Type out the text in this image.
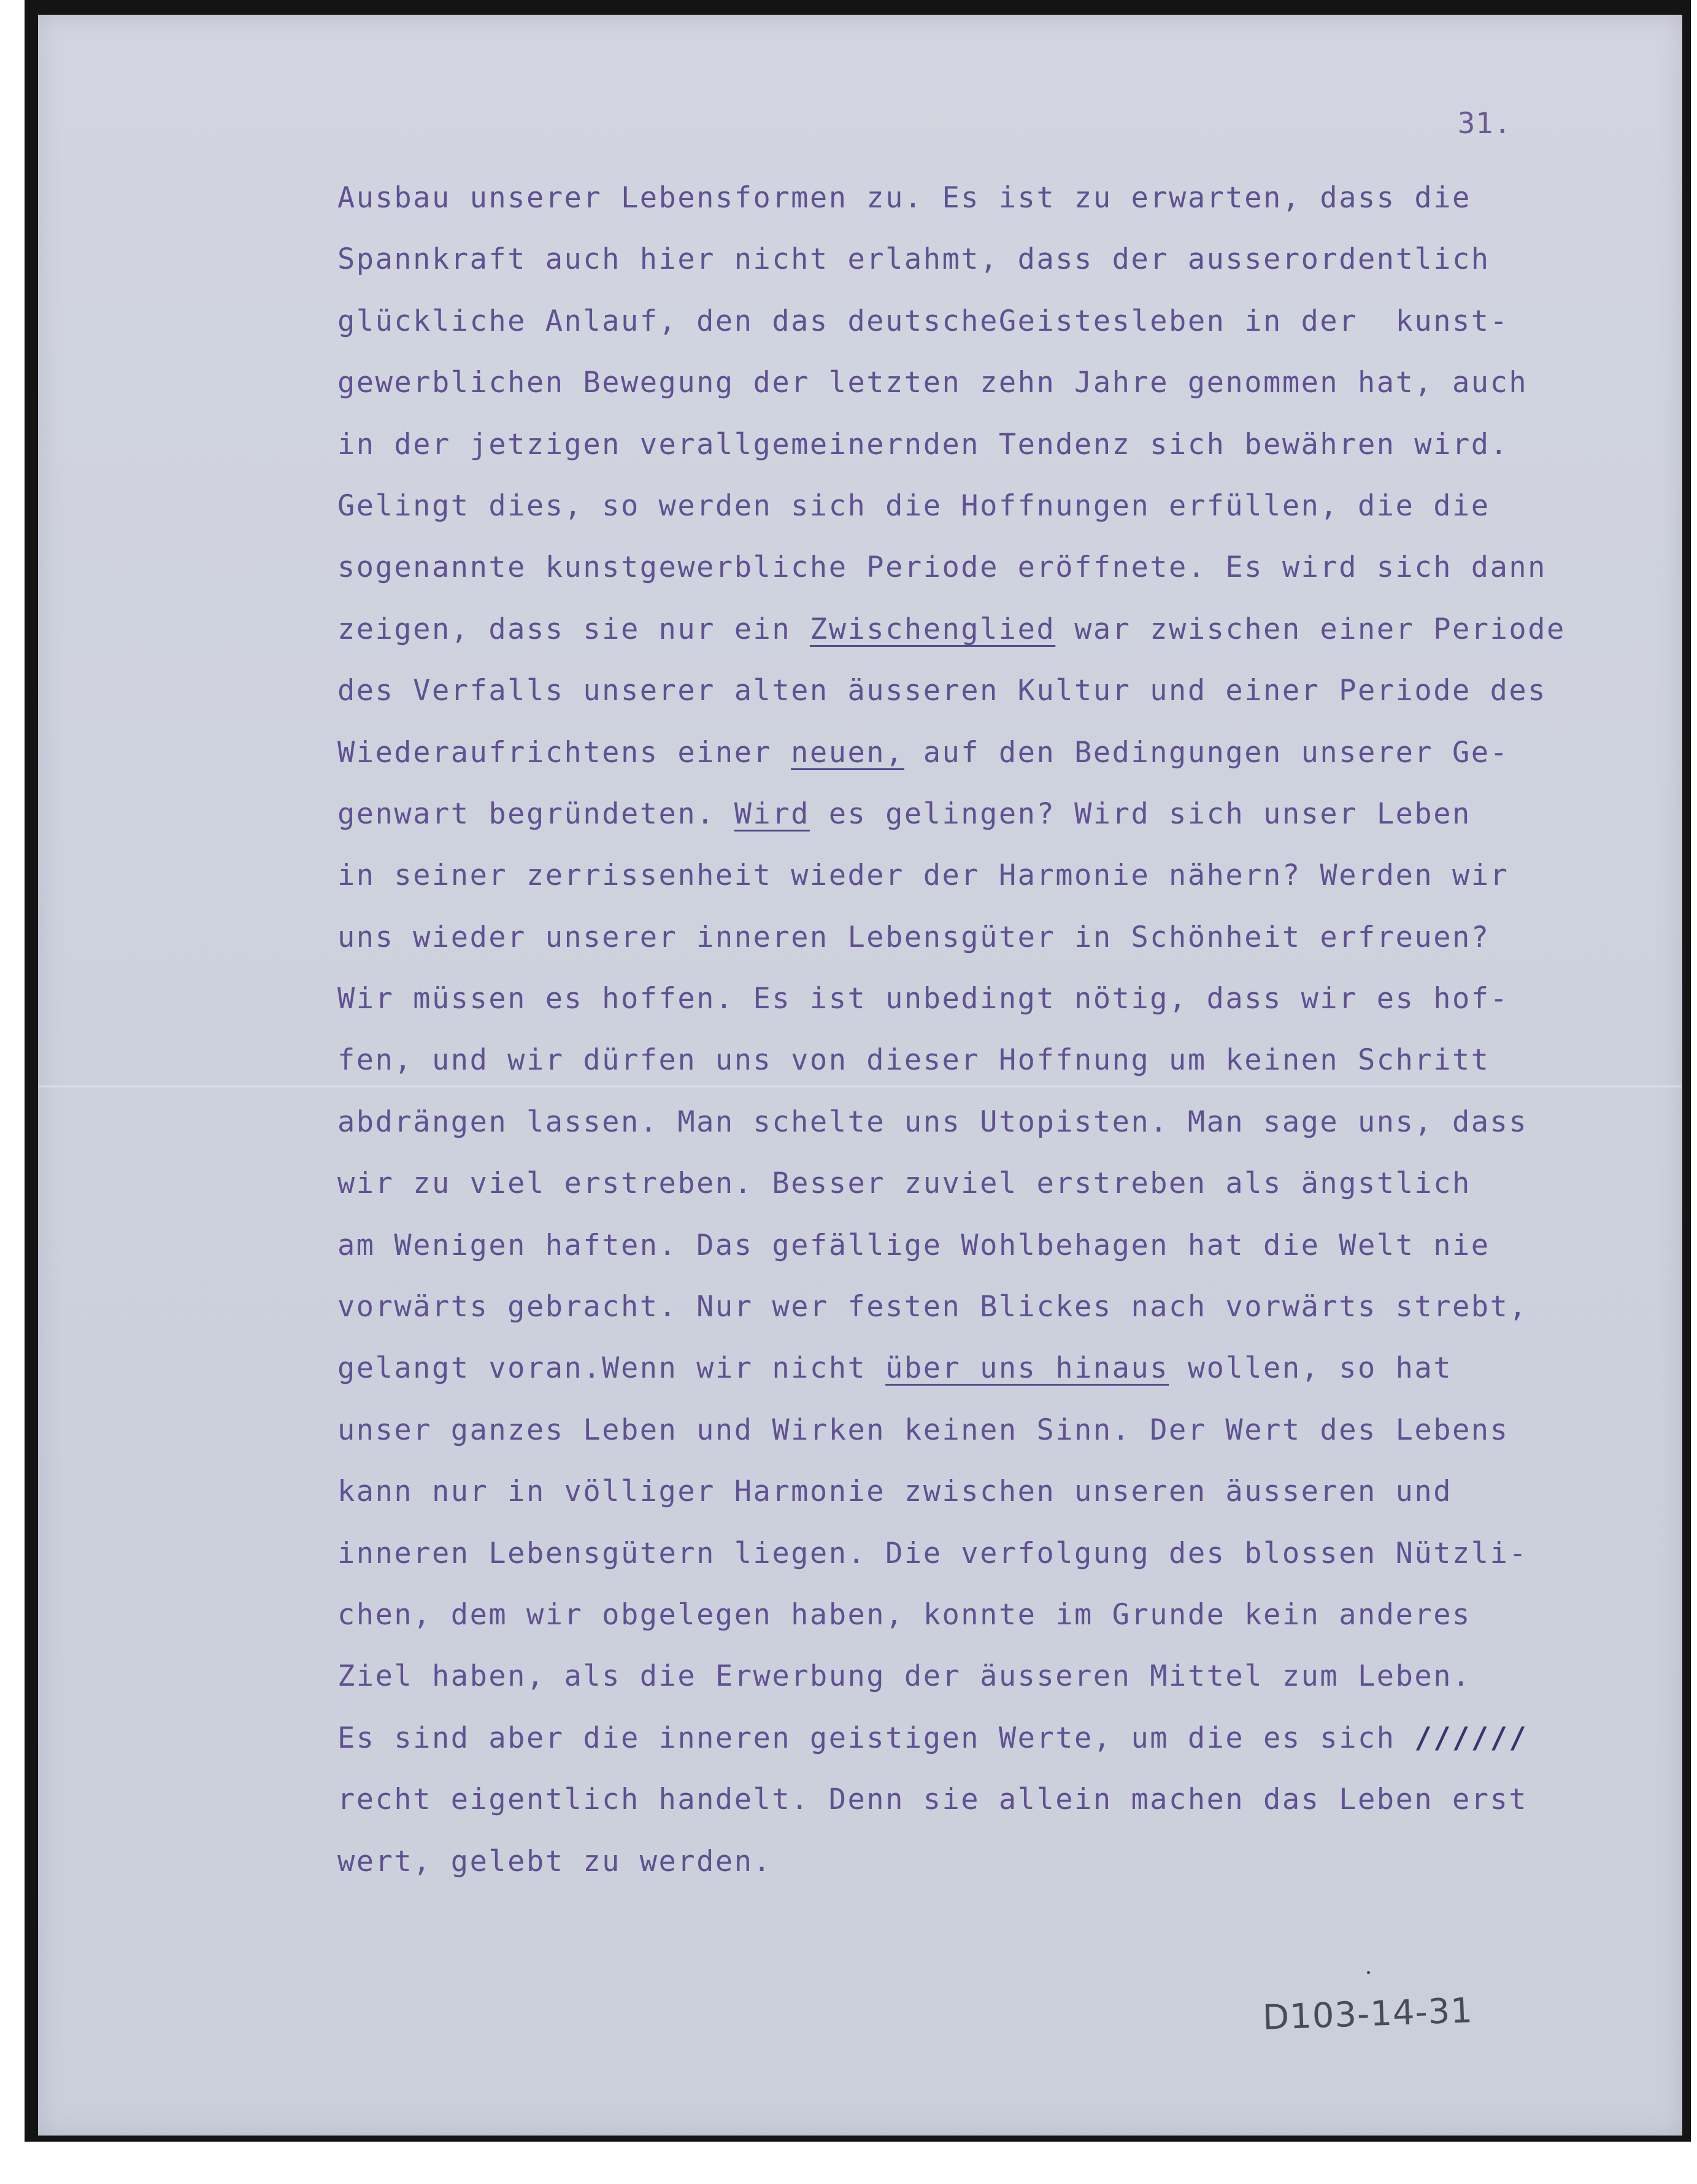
31.

Ausbau unserer Lebensformen zu. Es ist zu erwarten, dass die
Spannkraft auch hier nicht erlahmt, dass der ausserordentlich
glückliche Anlauf, den das deutscheGeistesleben in der  kunst-
gewerblichen Bewegung der letzten zehn Jahre genommen hat, auch
in der jetzigen verallgemeinernden Tendenz sich bewähren wird.
Gelingt dies, so werden sich die Hoffnungen erfüllen, die die
sogenannte kunstgewerbliche Periode eröffnete. Es wird sich dann
zeigen, dass sie nur ein Zwischenglied war zwischen einer Periode
des Verfalls unserer alten äusseren Kultur und einer Periode des
Wiederaufrichtens einer neuen, auf den Bedingungen unserer Ge-
genwart begründeten. Wird es gelingen? Wird sich unser Leben
in seiner zerrissenheit wieder der Harmonie nähern? Werden wir
uns wieder unserer inneren Lebensgüter in Schönheit erfreuen?
Wir müssen es hoffen. Es ist unbedingt nötig, dass wir es hof-
fen, und wir dürfen uns von dieser Hoffnung um keinen Schritt
abdrängen lassen. Man schelte uns Utopisten. Man sage uns, dass
wir zu viel erstreben. Besser zuviel erstreben als ängstlich
am Wenigen haften. Das gefällige Wohlbehagen hat die Welt nie
vorwärts gebracht. Nur wer festen Blickes nach vorwärts strebt,
gelangt voran.Wenn wir nicht über uns hinaus wollen, so hat
unser ganzes Leben und Wirken keinen Sinn. Der Wert des Lebens
kann nur in völliger Harmonie zwischen unseren äusseren und
inneren Lebensgütern liegen. Die verfolgung des blossen Nützli-
chen, dem wir obgelegen haben, konnte im Grunde kein anderes
Ziel haben, als die Erwerbung der äusseren Mittel zum Leben.
Es sind aber die inneren geistigen Werte, um die es sich //////
recht eigentlich handelt. Denn sie allein machen das Leben erst
wert, gelebt zu werden.

D103-14-31
